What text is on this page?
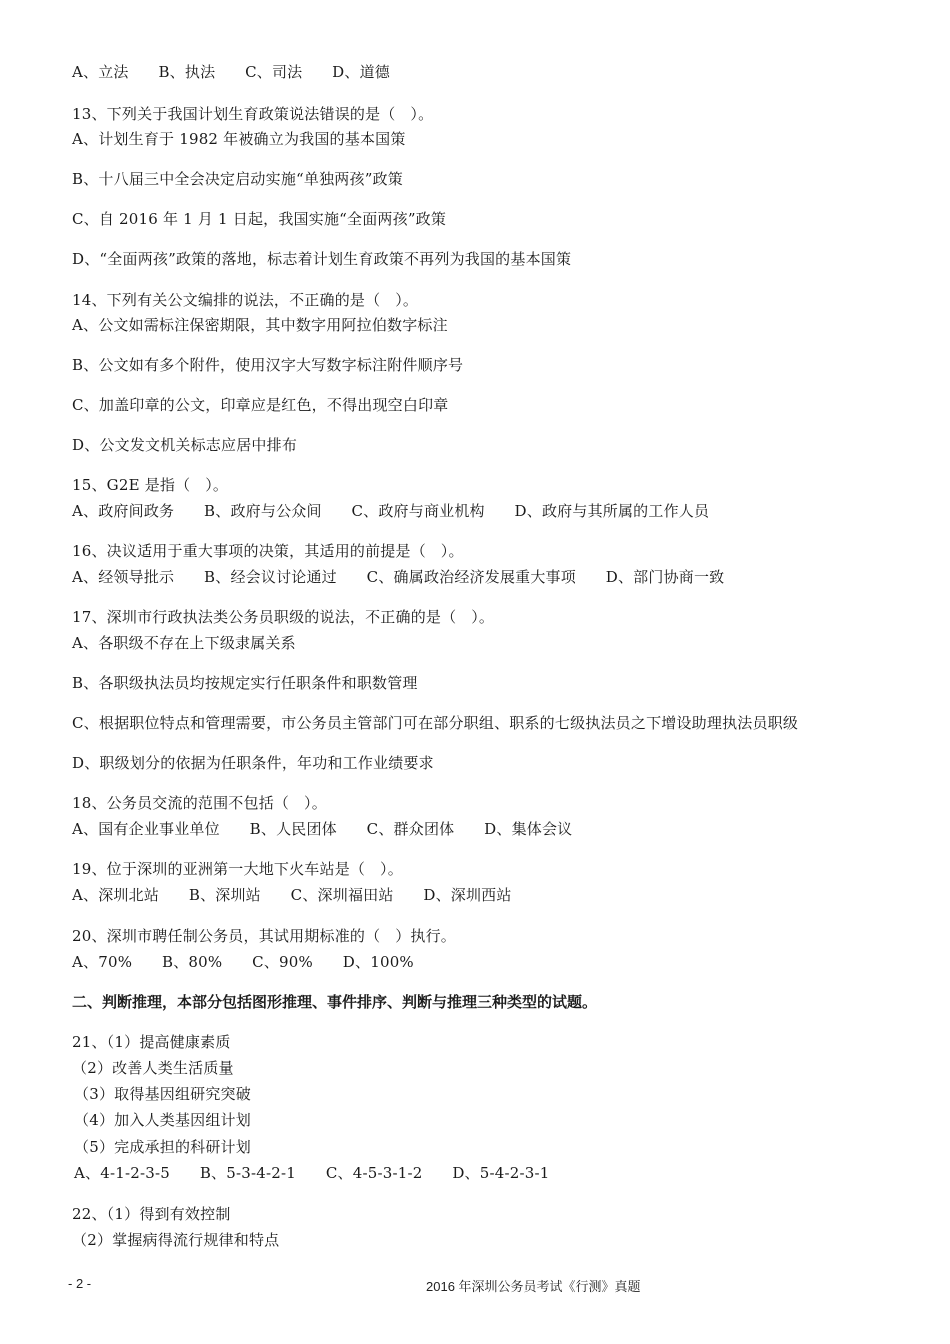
A、立法      B、执法      C、司法      D、道德
13、下列关于我国计划生育政策说法错误的是（   ）。
A、计划生育于 1982 年被确立为我国的基本国策
B、十八届三中全会决定启动实施“单独两孩”政策
C、自 2016 年 1 月 1 日起，我国实施“全面两孩”政策
D、“全面两孩”政策的落地，标志着计划生育政策不再列为我国的基本国策
14、下列有关公文编排的说法，不正确的是（   ）。
A、公文如需标注保密期限，其中数字用阿拉伯数字标注
B、公文如有多个附件，使用汉字大写数字标注附件顺序号
C、加盖印章的公文，印章应是红色，不得出现空白印章
D、公文发文机关标志应居中排布
15、G2E 是指（   ）。
A、政府间政务      B、政府与公众间      C、政府与商业机构      D、政府与其所属的工作人员
16、决议适用于重大事项的决策，其适用的前提是（   ）。
A、经领导批示      B、经会议讨论通过      C、确属政治经济发展重大事项      D、部门协商一致
17、深圳市行政执法类公务员职级的说法，不正确的是（   ）。
A、各职级不存在上下级隶属关系
B、各职级执法员均按规定实行任职条件和职数管理
C、根据职位特点和管理需要，市公务员主管部门可在部分职组、职系的七级执法员之下增设助理执法员职级
D、职级划分的依据为任职条件，年功和工作业绩要求
18、公务员交流的范围不包括（   ）。
A、国有企业事业单位      B、人民团体      C、群众团体      D、集体会议
19、位于深圳的亚洲第一大地下火车站是（   ）。
A、深圳北站      B、深圳站      C、深圳福田站      D、深圳西站
20、深圳市聘任制公务员，其试用期标准的（   ）执行。
A、70%      B、80%      C、90%      D、100%
21、（1）提高健康素质
（2）改善人类生活质量
（3）取得基因组研究突破
（4）加入人类基因组计划
（5）完成承担的科研计划
A、4-1-2-3-5      B、5-3-4-2-1      C、4-5-3-1-2      D、5-4-2-3-1
22、（1）得到有效控制
（2）掌握病得流行规律和特点
二、判断推理，本部分包括图形推理、事件排序、判断与推理三种类型的试题。
- 2 -	2016 年深圳公务员考试《行测》真题
